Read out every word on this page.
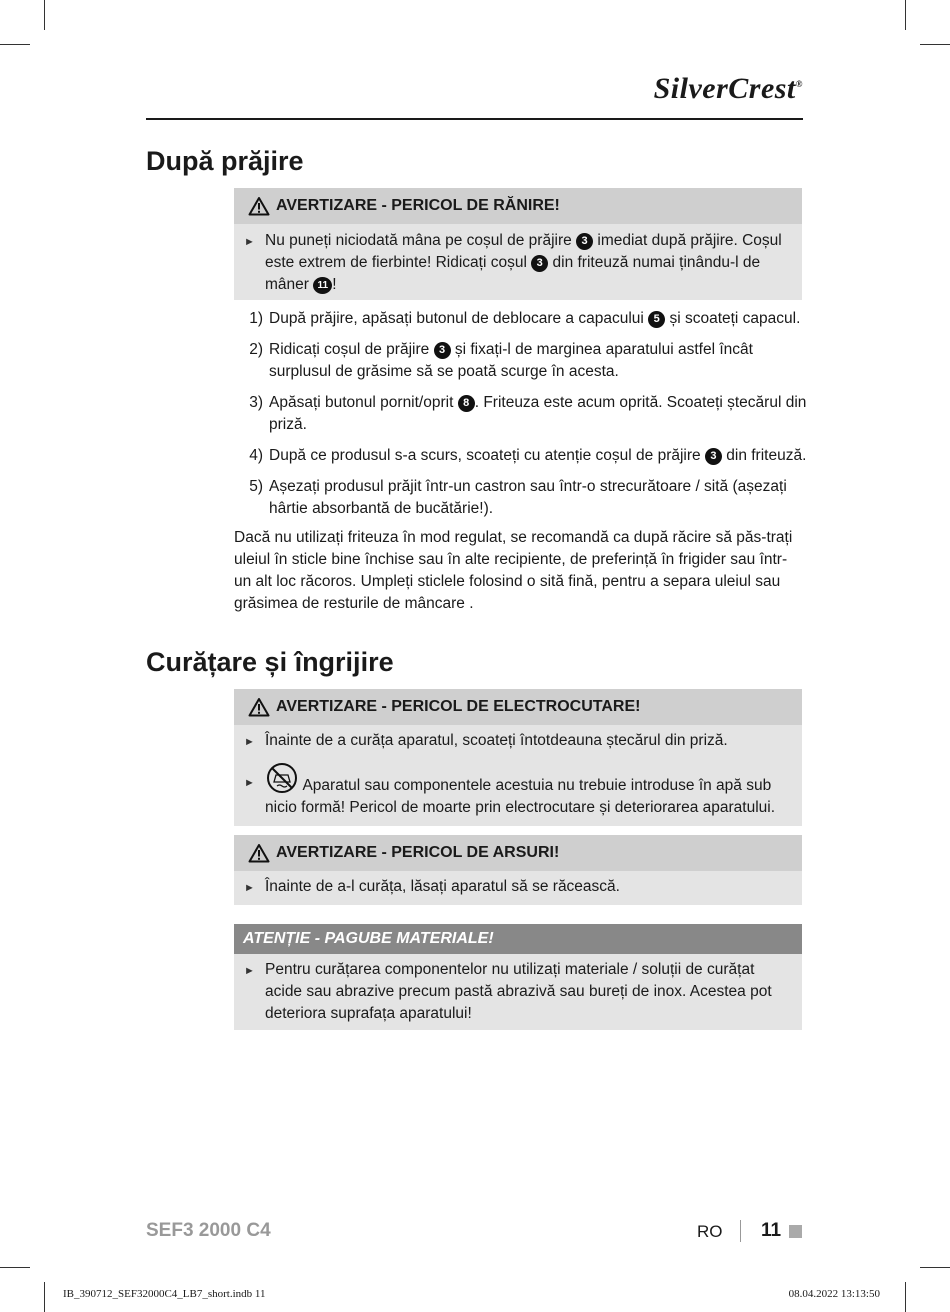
SilverCrest®
După prăjire
AVERTIZARE - PERICOL DE RĂNIRE!
► Nu puneți niciodată mâna pe coșul de prăjire 3 imediat după prăjire. Coșul este extrem de fierbinte! Ridicați coșul 3 din friteuză numai ținându-l de mâner 11 !
1) După prăjire, apăsați butonul de deblocare a capacului 5 și scoateți capacul.
2) Ridicați coșul de prăjire 3 și fixați-l de marginea aparatului astfel încât surplusul de grăsime să se poată scurge în acesta.
3) Apăsați butonul pornit/oprit 8 . Friteuza este acum oprită. Scoateți ștecărul din priză.
4) După ce produsul s-a scurs, scoateți cu atenție coșul de prăjire 3 din friteuză.
5) Așezați produsul prăjit într-un castron sau într-o strecurătoare / sită (așezați hârtie absorbantă de bucătărie!).
Dacă nu utilizați friteuza în mod regulat, se recomandă ca după răcire să păs-trați uleiul în sticle bine închise sau în alte recipiente, de preferință în frigider sau într-un alt loc răcoros. Umpleți sticlele folosind o sită fină, pentru a separa uleiul sau grăsimea de resturile de mâncare .
Curățare și îngrijire
AVERTIZARE - PERICOL DE ELECTROCUTARE!
► Înainte de a curăța aparatul, scoateți întotdeauna ștecărul din priză.
►	Aparatul sau componentele acestuia nu trebuie introduse în apă sub nicio formă! Pericol de moarte prin electrocutare și deteriorarea aparatului.
AVERTIZARE - PERICOL DE ARSURI!
► Înainte de a-l curăța, lăsați aparatul să se răcească.
ATENȚIE - PAGUBE MATERIALE!
► Pentru curățarea componentelor nu utilizați materiale / soluții de curățat acide sau abrazive precum pastă abrazivă sau bureți de inox. Acestea pot deteriora suprafața aparatului!
SEF3 2000 C4	RO 11
IB_390712_SEF32000C4_LB7_short.indb 11	08.04.2022 13:13:50
